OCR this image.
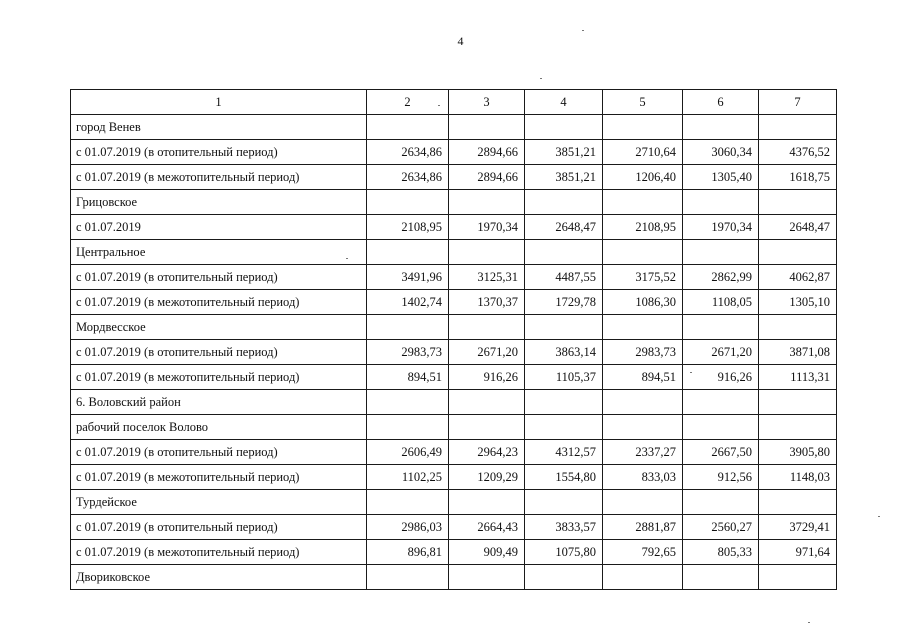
4
1	2	3	4	5	6	7
город Венев						
с 01.07.2019 (в отопительный период)	2634,86	2894,66	3851,21	2710,64	3060,34	4376,52
с 01.07.2019 (в межотопительный период)	2634,86	2894,66	3851,21	1206,40	1305,40	1618,75
Грицовское						
с 01.07.2019	2108,95	1970,34	2648,47	2108,95	1970,34	2648,47
Центральное						
с 01.07.2019 (в отопительный период)	3491,96	3125,31	4487,55	3175,52	2862,99	4062,87
с 01.07.2019 (в межотопительный период)	1402,74	1370,37	1729,78	1086,30	1108,05	1305,10
Мордвесское						
с 01.07.2019 (в отопительный период)	2983,73	2671,20	3863,14	2983,73	2671,20	3871,08
с 01.07.2019 (в межотопительный период)	894,51	916,26	1105,37	894,51	916,26	1113,31
6. Воловский район						
рабочий поселок Волово						
с 01.07.2019 (в отопительный период)	2606,49	2964,23	4312,57	2337,27	2667,50	3905,80
с 01.07.2019 (в межотопительный период)	1102,25	1209,29	1554,80	833,03	912,56	1148,03
Турдейское						
с 01.07.2019 (в отопительный период)	2986,03	2664,43	3833,57	2881,87	2560,27	3729,41
с 01.07.2019 (в межотопительный период)	896,81	909,49	1075,80	792,65	805,33	971,64
Двориковское						
